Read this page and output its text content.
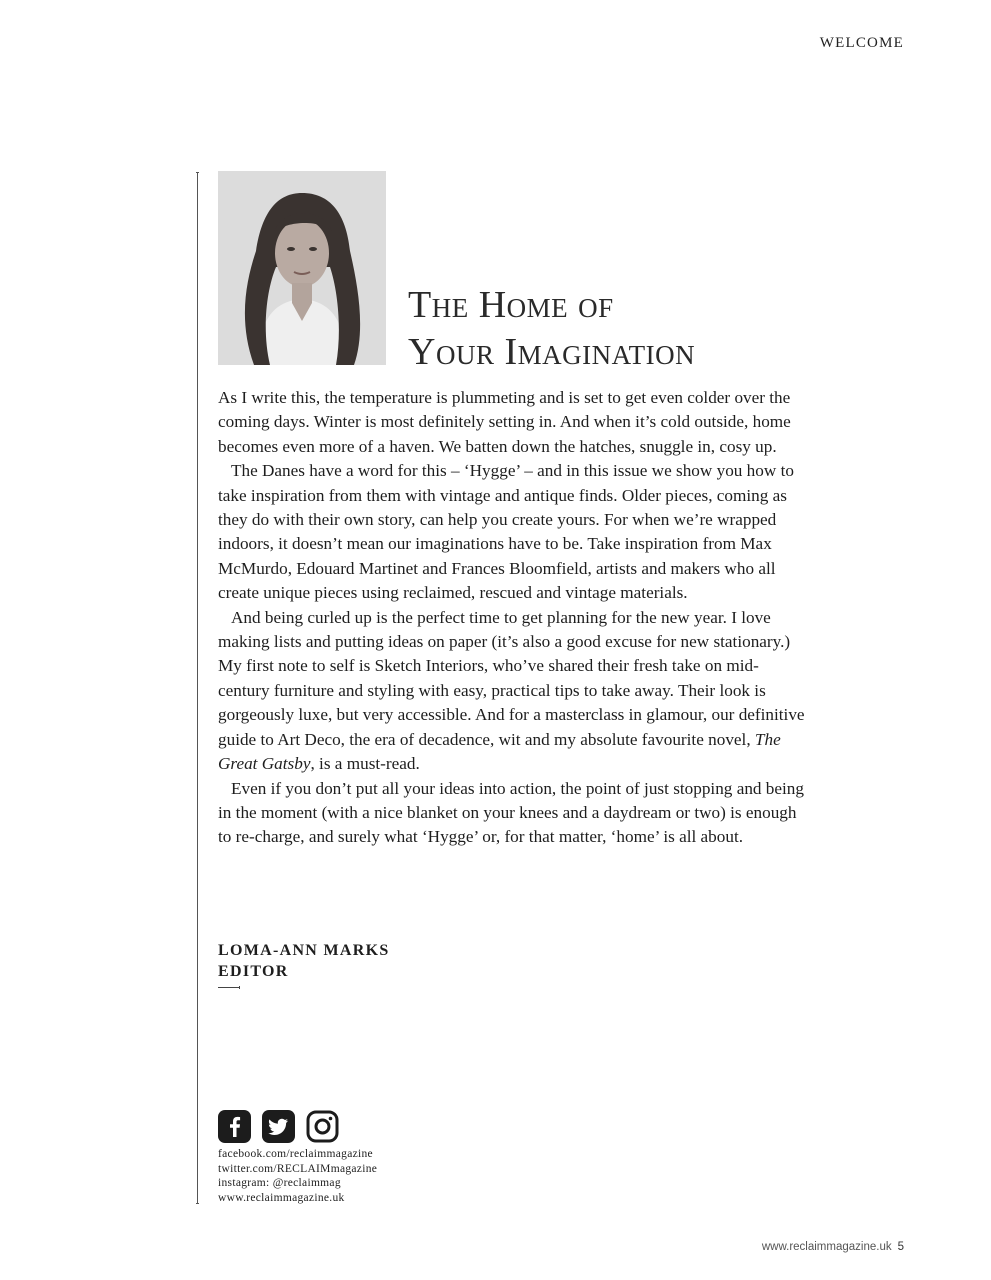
WELCOME
The Home of
Your Imagination

As I write this, the temperature is plummeting and is set to get even colder over the coming days. Winter is most definitely setting in. And when it’s cold outside, home becomes even more of a haven. We batten down the hatches, snuggle in, cosy up.

The Danes have a word for this – ‘Hygge’ – and in this issue we show you how to take inspiration from them with vintage and antique finds. Older pieces, coming as they do with their own story, can help you create yours. For when we’re wrapped indoors, it doesn’t mean our imaginations have to be. Take inspiration from Max McMurdo, Edouard Martinet and Frances Bloomfield, artists and makers who all create unique pieces using reclaimed, rescued and vintage materials.

And being curled up is the perfect time to get planning for the new year. I love making lists and putting ideas on paper (it’s also a good excuse for new stationary.) My first note to self is Sketch Interiors, who’ve shared their fresh take on mid-century furniture and styling with easy, practical tips to take away. Their look is gorgeously luxe, but very accessible. And for a masterclass in glamour, our definitive guide to Art Deco, the era of decadence, wit and my absolute favourite novel, The Great Gatsby, is a must-read.

Even if you don’t put all your ideas into action, the point of just stopping and being in the moment (with a nice blanket on your knees and a daydream or two) is enough to re-charge, and surely what ‘Hygge’ or, for that matter, ‘home’ is all about.

LOMA-ANN MARKS
EDITOR
facebook.com/reclaimmagazine
twitter.com/RECLAIMmagazine
instagram: @reclaimmag
www.reclaimmagazine.uk
www.reclaimmagazine.uk 5
